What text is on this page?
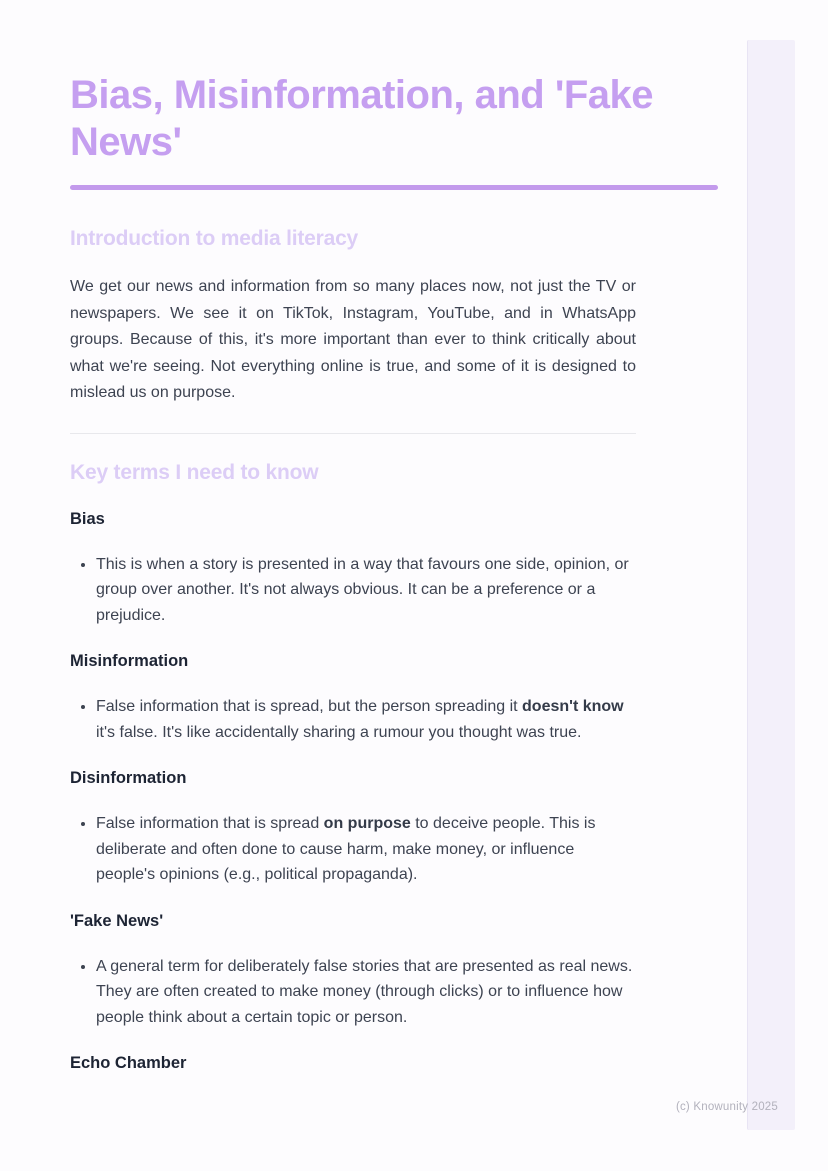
Bias, Misinformation, and 'Fake News'
Introduction to media literacy

We get our news and information from so many places now, not just the TV or newspapers. We see it on TikTok, Instagram, YouTube, and in WhatsApp groups. Because of this, it's more important than ever to think critically about what we're seeing. Not everything online is true, and some of it is designed to mislead us on purpose.

Key terms I need to know
Bias
• This is when a story is presented in a way that favours one side, opinion, or group over another. It's not always obvious. It can be a preference or a prejudice.
Misinformation
• False information that is spread, but the person spreading it doesn't know it's false. It's like accidentally sharing a rumour you thought was true.
Disinformation
• False information that is spread on purpose to deceive people. This is deliberate and often done to cause harm, make money, or influence people's opinions (e.g., political propaganda).
'Fake News'
• A general term for deliberately false stories that are presented as real news. They are often created to make money (through clicks) or to influence how people think about a certain topic or person.
Echo Chamber
(c) Knowunity 2025
